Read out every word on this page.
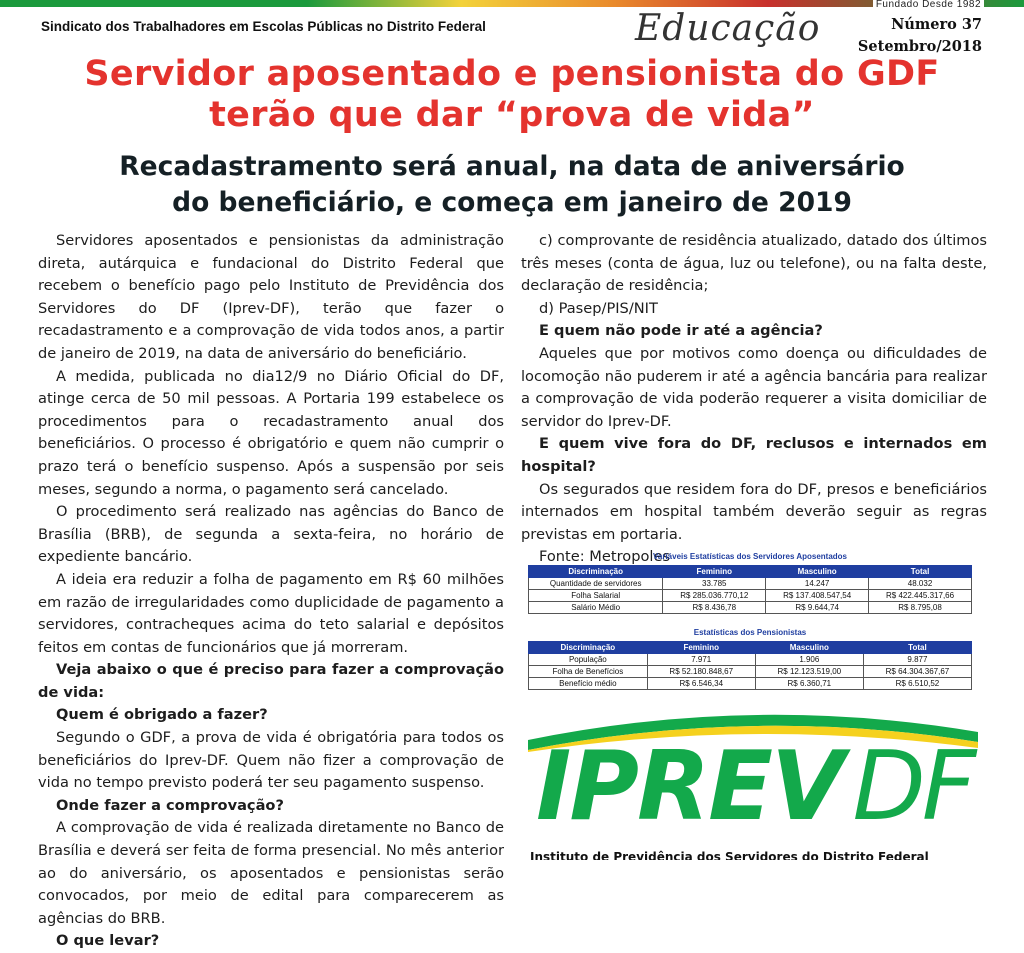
Fundado Desde 1982
Sindicato dos Trabalhadores em Escolas Públicas no Distrito Federal	Educação	Número 37
Setembro/2018
Servidor aposentado e pensionista do GDF
terão que dar “prova de vida”
Recadastramento será anual, na data de aniversário
do beneficiário, e começa em janeiro de 2019

Servidores aposentados e pensionistas da administração direta, autárquica e fundacional do Distrito Federal que recebem o benefício pago pelo Instituto de Previdência dos Servidores do DF (Iprev-DF), terão que fazer o recadastramento e a comprovação de vida todos anos, a partir de janeiro de 2019, na data de aniversário do beneficiário.

A medida, publicada no dia12/9 no Diário Oficial do DF, atinge cerca de 50 mil pessoas. A Portaria 199 estabelece os procedimentos para o recadastramento anual dos beneficiários. O processo é obrigatório e quem não cumprir o prazo terá o benefício suspenso. Após a suspensão por seis meses, segundo a norma, o pagamento será cancelado.

O procedimento será realizado nas agências do Banco de Brasília (BRB), de segunda a sexta-feira, no horário de expediente bancário.

A ideia era reduzir a folha de pagamento em R$ 60 milhões em razão de irregularidades como duplicidade de pagamento a servidores, contracheques acima do teto salarial e depósitos feitos em contas de funcionários que já morreram.

Veja abaixo o que é preciso para fazer a comprovação de vida:

Quem é obrigado a fazer?

Segundo o GDF, a prova de vida é obrigatória para todos os beneficiários do Iprev-DF. Quem não fizer a comprovação de vida no tempo previsto poderá ter seu pagamento suspenso.

Onde fazer a comprovação?

A comprovação de vida é realizada diretamente no Banco de Brasília e deverá ser feita de forma presencial. No mês anterior ao do aniversário, os aposentados e pensionistas serão convocados, por meio de edital para comparecerem as agências do BRB.

O que levar?

c) comprovante de residência atualizado, datado dos últimos três meses (conta de água, luz ou telefone), ou na falta deste, declaração de residência;

d) Pasep/PIS/NIT

E quem não pode ir até a agência?

Aqueles que por motivos como doença ou dificuldades de locomoção não puderem ir até a agência bancária para realizar a comprovação de vida poderão requerer a visita domiciliar de servidor do Iprev-DF.

E quem vive fora do DF, reclusos e internados em hospital?

Os segurados que residem fora do DF, presos e beneficiários internados em hospital também deverão seguir as regras previstas em portaria.

Fonte: Metropoles

Variáveis Estatísticas dos Servidores Aposentados
Discriminação	Feminino	Masculino	Total
Quantidade de servidores	33.785	14.247	48.032
Folha Salarial	R$ 285.036.770,12	R$ 137.408.547,54	R$ 422.445.317,66
Salário Médio	R$ 8.436,78	R$ 9.644,74	R$ 8.795,08
Estatísticas dos Pensionistas
Discriminação	Feminino	Masculino	Total
População	7.971	1.906	9.877
Folha de Benefícios	R$ 52.180.848,67	R$ 12.123.519,00	R$ 64.304.367,67
Benefício médio	R$ 6.546,34	R$ 6.360,71	R$ 6.510,52
IPREV DF
Instituto de Previdência dos Servidores do Distrito Federal
